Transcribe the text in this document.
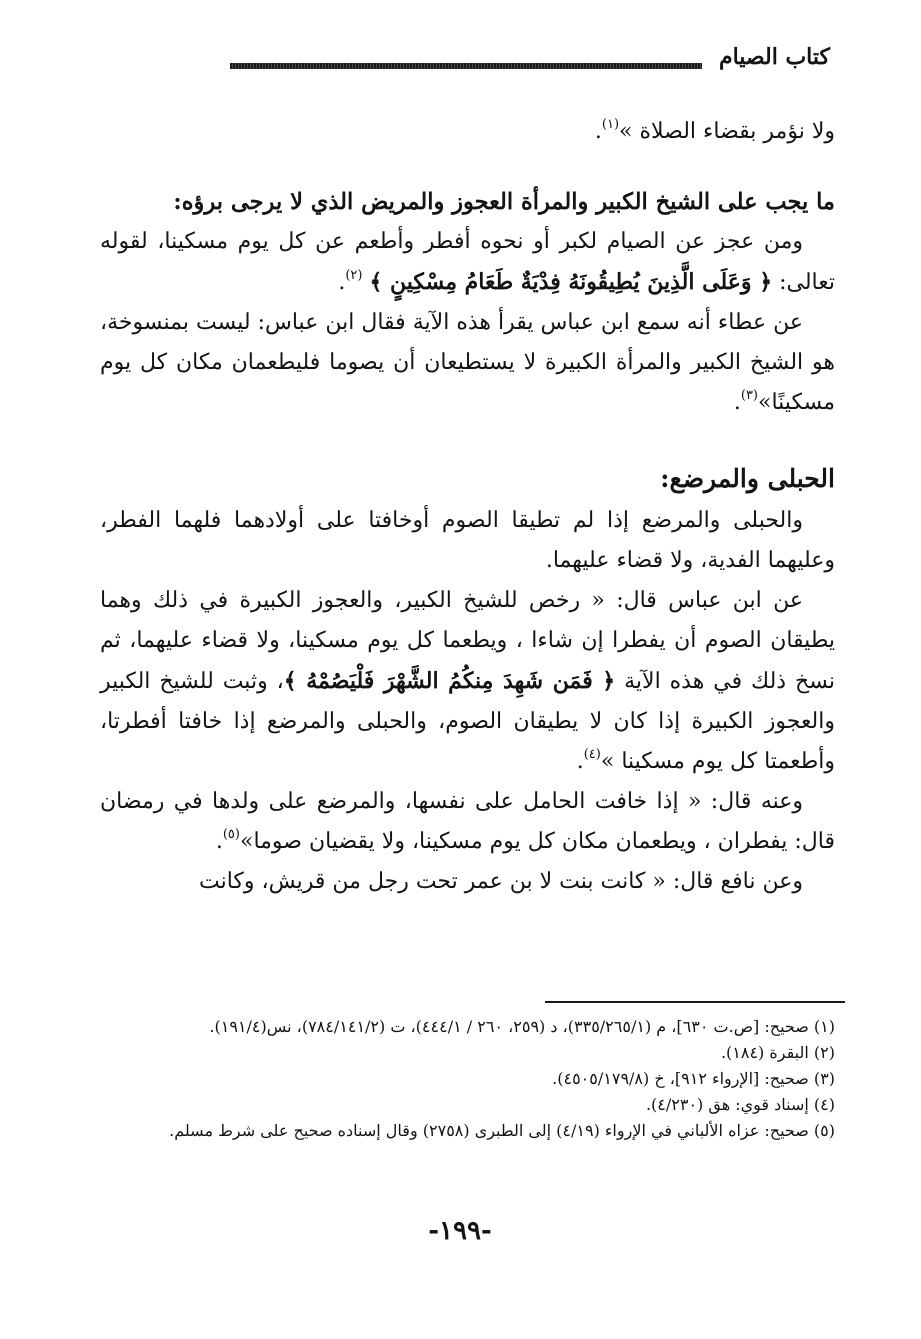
كتاب الصيام

ولا نؤمر بقضاء الصلاة »$^{(١)}$.

ما يجب على الشيخ الكبير والمرأة العجوز والمريض الذي لا يرجى برؤه:

ومن عجز عن الصيام لكبر أو نحوه أفطر وأطعم عن كل يوم مسكينا، لقوله تعالى: ﴿ وَعَلَى الَّذِينَ يُطِيقُونَهُ فِدْيَةٌ طَعَامُ مِسْكِينٍ ﴾ $^{(٢)}$.

عن عطاء أنه سمع ابن عباس يقرأ هذه الآية فقال ابن عباس: ليست بمنسوخة، هو الشيخ الكبير والمرأة الكبيرة لا يستطيعان أن يصوما فليطعمان مكان كل يوم مسكينًا»$^{(٣)}$.

الحبلى والمرضع:

والحبلى والمرضع إذا لم تطيقا الصوم أوخافتا على أولادهما فلهما الفطر، وعليهما الفدية، ولا قضاء عليهما.

عن ابن عباس قال: « رخص للشيخ الكبير، والعجوز الكبيرة في ذلك وهما يطيقان الصوم أن يفطرا إن شاءا ، ويطعما كل يوم مسكينا، ولا قضاء عليهما، ثم نسخ ذلك في هذه الآية ﴿ فَمَن شَهِدَ مِنكُمُ الشَّهْرَ فَلْيَصُمْهُ ﴾، وثبت للشيخ الكبير والعجوز الكبيرة إذا كان لا يطيقان الصوم، والحبلى والمرضع إذا خافتا أفطرتا، وأطعمتا كل يوم مسكينا »$^{(٤)}$.

وعنه قال: « إذا خافت الحامل على نفسها، والمرضع على ولدها في رمضان قال: يفطران ، ويطعمان مكان كل يوم مسكينا، ولا يقضيان صوما»$^{(٥)}$.

وعن نافع قال: « كانت بنت لا بن عمر تحت رجل من قريش، وكانت

(١) صحيح: [ص.ت ٦٣٠]، م (٣٣٥/٢٦٥/١)، د (٢٥٩، ٢٦٠ / ٤٤٤/١)، ت (٧٨٤/١٤١/٢)، نس(١٩١/٤).

(٢) البقرة (١٨٤).

(٣) صحيح: [الإرواء ٩١٢]، خ (٤٥٠٥/١٧٩/٨).

(٤) إسناد قوي: هق (٤/٢٣٠).

(٥) صحيح: عزاه الألباني في الإرواء (٤/١٩) إلى الطبرى (٢٧٥٨) وقال إسناده صحيح على شرط مسلم.

-١٩٩-
